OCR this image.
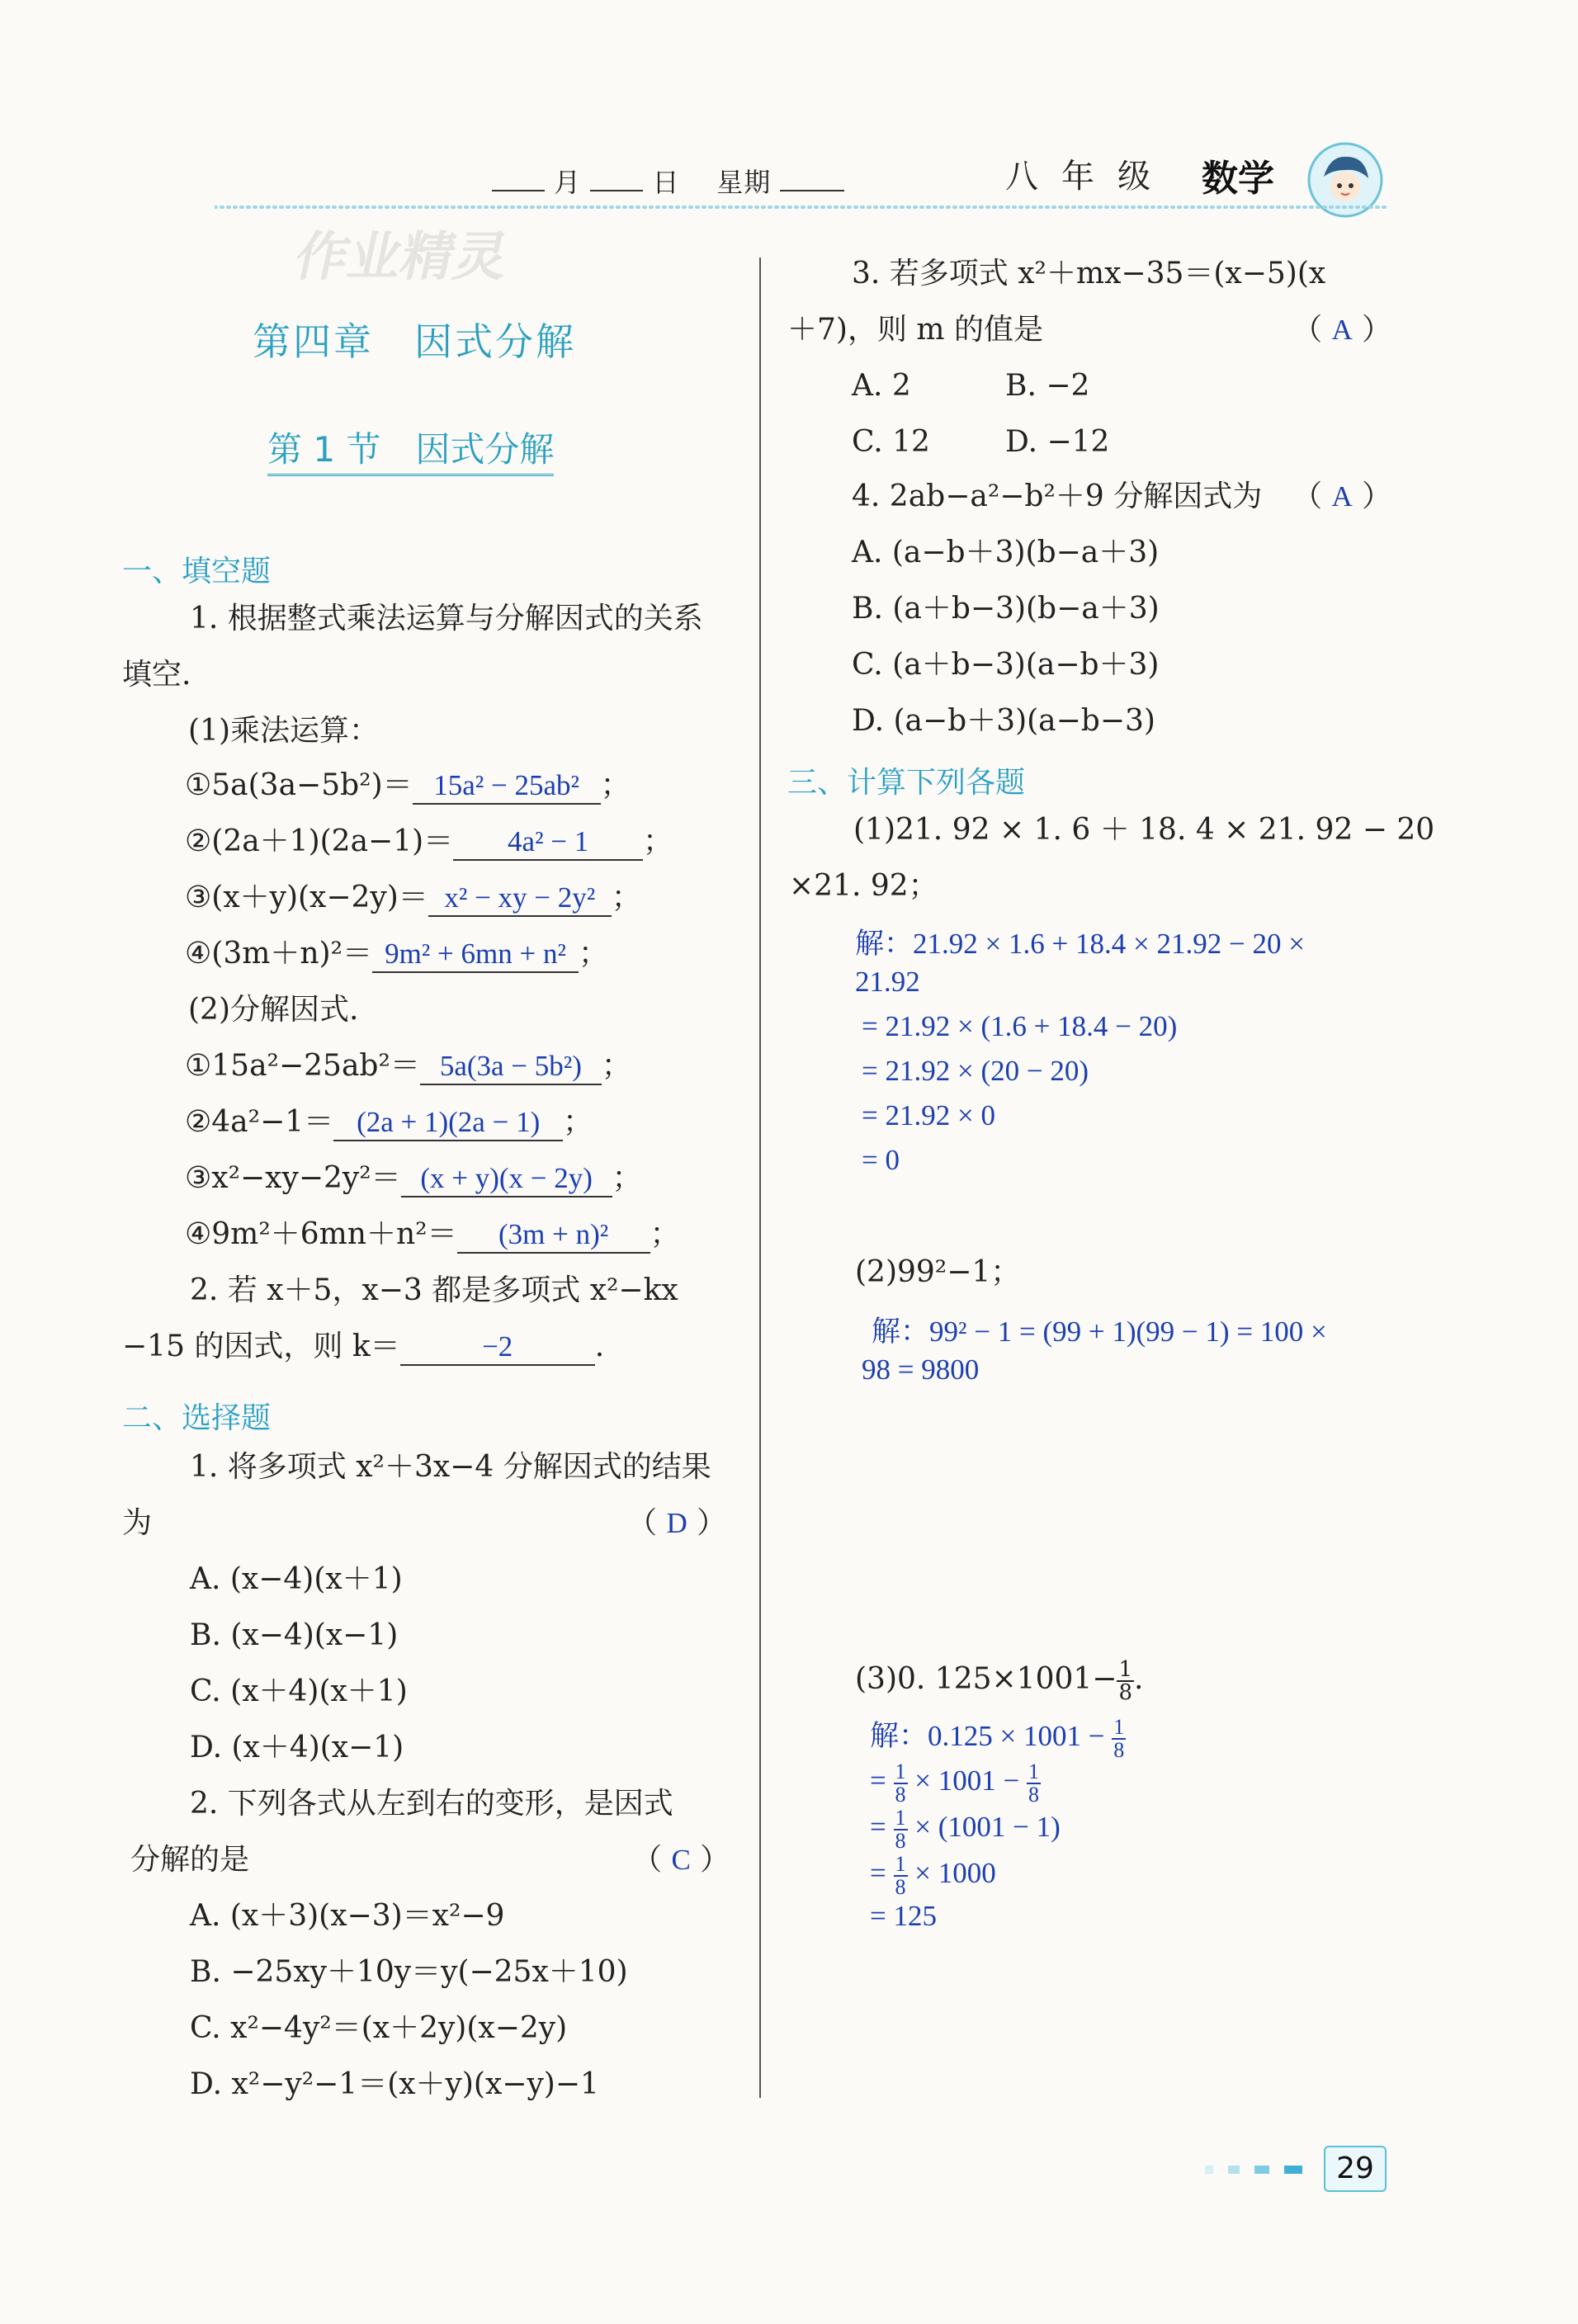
月	日 星期	八年级 数学
作业精灵
第四章　因式分解
第 1 节　因式分解
一、填空题
1. 根据整式乘法运算与分解因式的关系
填空.
(1)乘法运算：
①5a(3a−5b²)＝ 15a² − 25ab² ；
②(2a＋1)(2a−1)＝ 4a² − 1 ；
③(x＋y)(x−2y)＝ x² − xy − 2y² ；
④(3m＋n)²＝ 9m² + 6mn + n² ；
(2)分解因式.
①15a²−25ab²＝ 5a(3a − 5b²) ；
②4a²−1＝ (2a + 1)(2a − 1) ；
③x²−xy−2y²＝ (x + y)(x − 2y) ；
④9m²＋6mn＋n²＝ (3m + n)² ；
2. 若 x＋5，x−3 都是多项式 x²−kx
−15 的因式，则 k＝	−2	.
二、选择题
1. 将多项式 x²＋3x−4 分解因式的结果
为	（ D ）
A. (x−4)(x＋1)
B. (x−4)(x−1)
C. (x＋4)(x＋1)
D. (x＋4)(x−1)
2. 下列各式从左到右的变形，是因式
分解的是	（ C ）
A. (x＋3)(x−3)＝x²−9
B. −25xy＋10y＝y(−25x＋10)
C. x²−4y²＝(x＋2y)(x−2y)
D. x²−y²−1＝(x＋y)(x−y)−1
3. 若多项式 x²＋mx−35＝(x−5)(x
＋7)，则 m 的值是	（ A ）
A. 2	B. −2
C. 12	D. −12
4. 2ab−a²−b²＋9 分解因式为 （ A ）
A. (a−b＋3)(b−a＋3)
B. (a＋b−3)(b−a＋3)
C. (a＋b−3)(a−b＋3)
D. (a−b＋3)(a−b−3)
三、计算下列各题
(1)21. 92 × 1. 6 ＋ 18. 4 × 21. 92 − 20
×21. 92；
解：21.92 × 1.6 + 18.4 × 21.92 − 20 ×
21.92
= 21.92 × (1.6 + 18.4 − 20)
= 21.92 × (20 − 20)
= 21.92 × 0
= 0
(2)99²−1；
解：99² − 1 = (99 + 1)(99 − 1) = 100 ×
98 = 9800
(3)0. $125\times 1001- \frac{1}{8}$ .
解：$0.125 \times 1001 - \frac{1}{8}$
= $\frac{1}{8} \times 1001 - \frac{1}{8}$
= $\frac{1}{8} \times (1001 - 1)$
= $\frac{1}{8} \times 1000$
= 125
29
